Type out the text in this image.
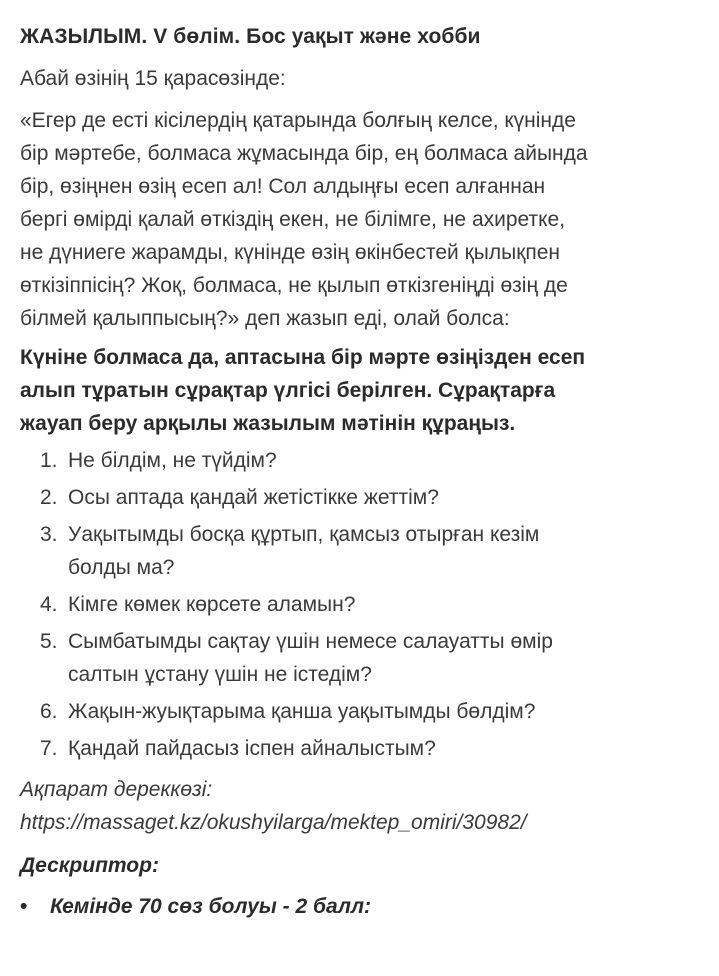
ЖАЗЫЛЫМ. V бөлім. Бос уақыт және хобби
Абай өзінің 15 қарасөзінде:
«Егер де есті кісілердің қатарында болғың келсе, күнінде
бір мәртебе, болмаса жұмасында бір, ең болмаса айында
бір, өзіңнен өзің есеп ал! Сол алдыңғы есеп алғаннан
бергі өмірді қалай өткіздің екен, не білімге, не ахиретке,
не дүниеге жарамды, күнінде өзің өкінбестей қылықпен
өткізіппісің? Жоқ, болмаса, не қылып өткізгеніңді өзің де
білмей қалыппысың?» деп жазып еді, олай болса:
Күніне болмаса да, аптасына бір мәрте өзіңізден есеп
алып тұратын сұрақтар үлгісі берілген. Сұрақтарға
жауап беру арқылы жазылым мәтінін құраңыз.
1. Не білдім, не түйдім?
2. Осы аптада қандай жетістікке жеттім?
3. Уақытымды босқа құртып, қамсыз отырған кезім
болды ма?
4. Кімге көмек көрсете аламын?
5. Сымбатымды сақтау үшін немесе салауатты өмір
салтын ұстану үшін не істедім?
6. Жақын-жуықтарыма қанша уақытымды бөлдім?
7. Қандай пайдасыз іспен айналыстым?
Ақпарат дереккөзі:
https://massaget.kz/okushyilarga/mektep_omiri/30982/
Дескриптор:
• Кемінде 70 сөз болуы - 2 балл:
